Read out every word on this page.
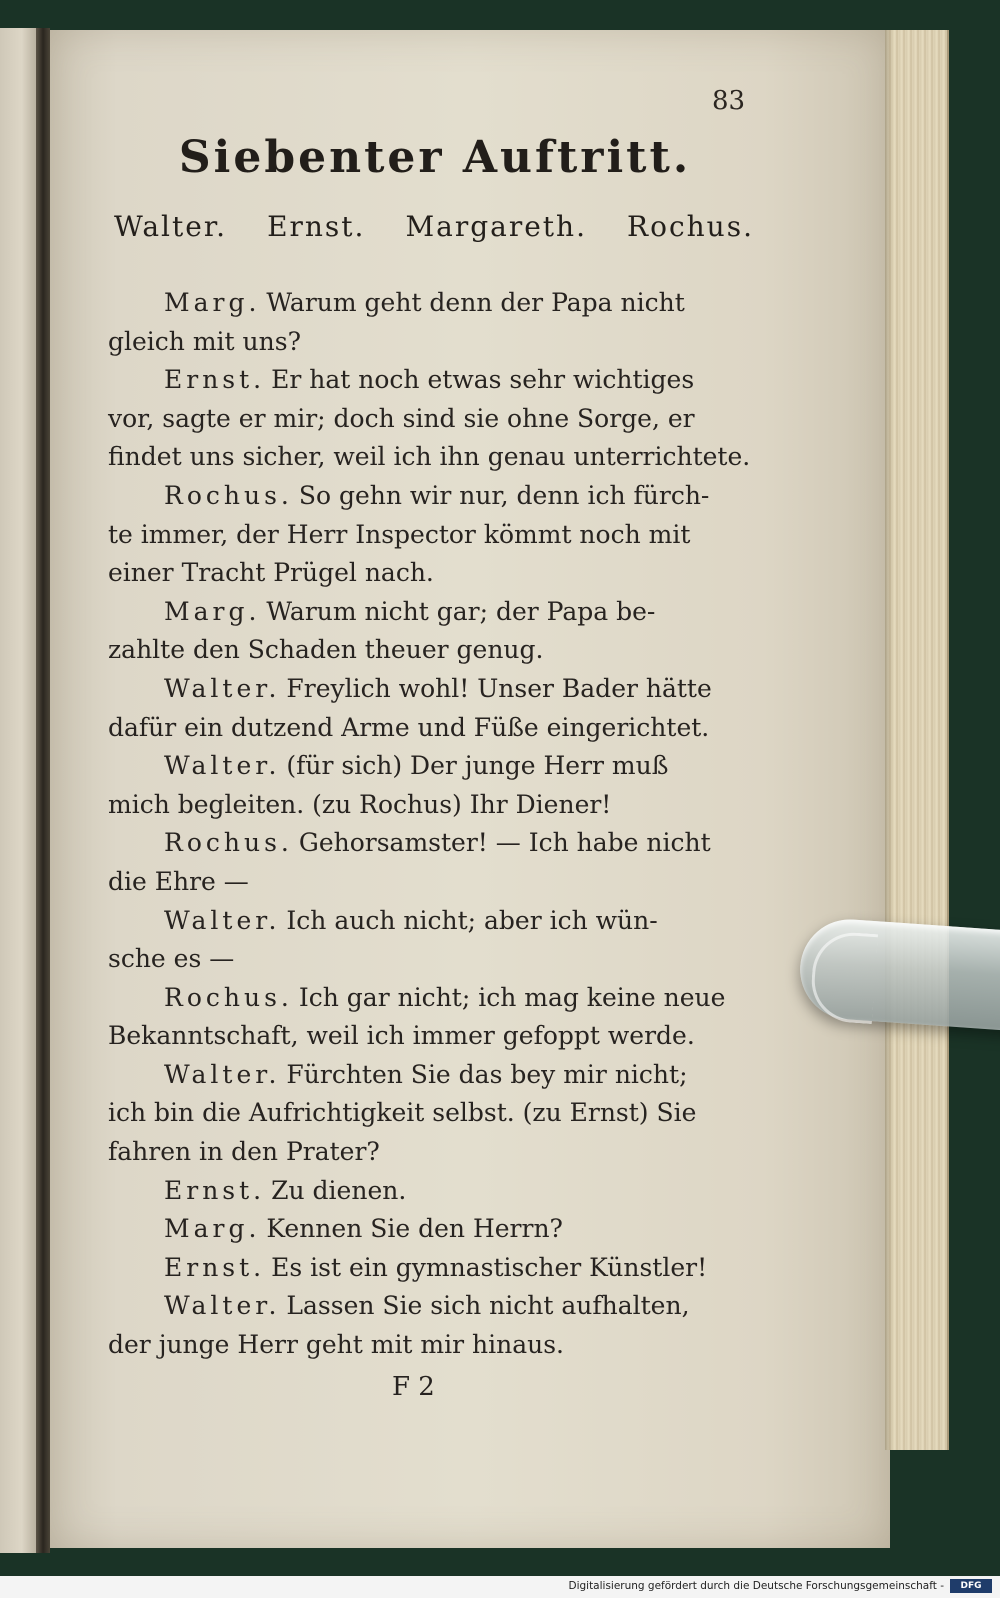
83
Siebenter Auftritt.
Walter. Ernst. Margareth. Rochus.
Marg. Warum geht denn der Papa nicht
gleich mit uns?
Ernst. Er hat noch etwas sehr wichtiges
vor, sagte er mir; doch sind sie ohne Sorge, er
findet uns sicher, weil ich ihn genau unterrichtete.
Rochus. So gehn wir nur, denn ich fürch-
te immer, der Herr Inspector kömmt noch mit
einer Tracht Prügel nach.
Marg. Warum nicht gar; der Papa be-
zahlte den Schaden theuer genug.
Walter. Freylich wohl! Unser Bader hätte
dafür ein dutzend Arme und Füße eingerichtet.
Walter. (für sich) Der junge Herr muß
mich begleiten. (zu Rochus) Ihr Diener!
Rochus. Gehorsamster! — Ich habe nicht
die Ehre —
Walter. Ich auch nicht; aber ich wün-
sche es —
Rochus. Ich gar nicht; ich mag keine neue
Bekanntschaft, weil ich immer gefoppt werde.
Walter. Fürchten Sie das bey mir nicht;
ich bin die Aufrichtigkeit selbst. (zu Ernst) Sie
fahren in den Prater?
Ernst. Zu dienen.
Marg. Kennen Sie den Herrn?
Ernst. Es ist ein gymnastischer Künstler!
Walter. Lassen Sie sich nicht aufhalten,
der junge Herr geht mit mir hinaus.
F 2
Digitalisierung gefördert durch die Deutsche Forschungsgemeinschaft -	DFG
